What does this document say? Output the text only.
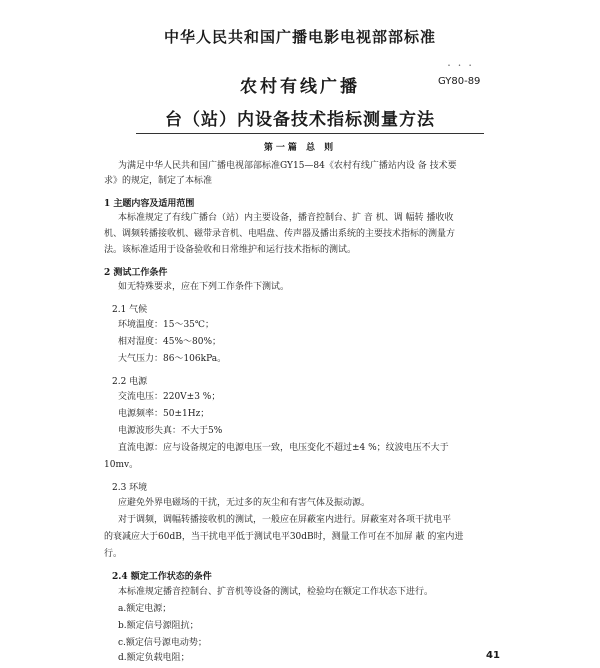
中华人民共和国广播电影电视部部标准
・ ・ ・
农村有线广播	GY80-89
台（站）内设备技术指标测量方法
第一篇 总 则
为满足中华人民共和国广播电视部部标准GY15—84《农村有线广播站内设 备 技术要
求》的规定，制定了本标准
1 主题内容及适用范围
本标准规定了有线广播台（站）内主要设备，播音控制台、扩 音 机、调 幅转 播收收
机、调频转播接收机、磁带录音机、电唱盘、传声器及播出系统的主要技术指标的测量方
法。该标准适用于设备验收和日常维护和运行技术指标的测试。
2 测试工作条件
如无特殊要求，应在下列工作条件下测试。
2.1 气候
环境温度：15～35℃；
相对湿度：45%～80%；
大气压力：86～106kPa。
2.2 电源
交流电压：220V±3 %；
电源频率：50±1Hz；
电源波形失真：不大于5%
直流电源：应与设备规定的电源电压一致，电压变化不超过±4 %；纹波电压不大于
10mv。
2.3 环境
应避免外界电磁场的干扰，无过多的灰尘和有害气体及振动源。
对于调频，调幅转播接收机的测试，一般应在屏蔽室内进行。屏蔽室对各项干扰电平
的衰减应大于60dB，当干扰电平低于测试电平30dB时，测量工作可在不加屏 蔽 的室内进
行。
2.4 额定工作状态的条件
本标准规定播音控制台、扩音机等设备的测试，检验均在额定工作状态下进行。
a.额定电源；
b.额定信号源阻抗；
c.额定信号源电动势；
d.额定负载电阻；	41
